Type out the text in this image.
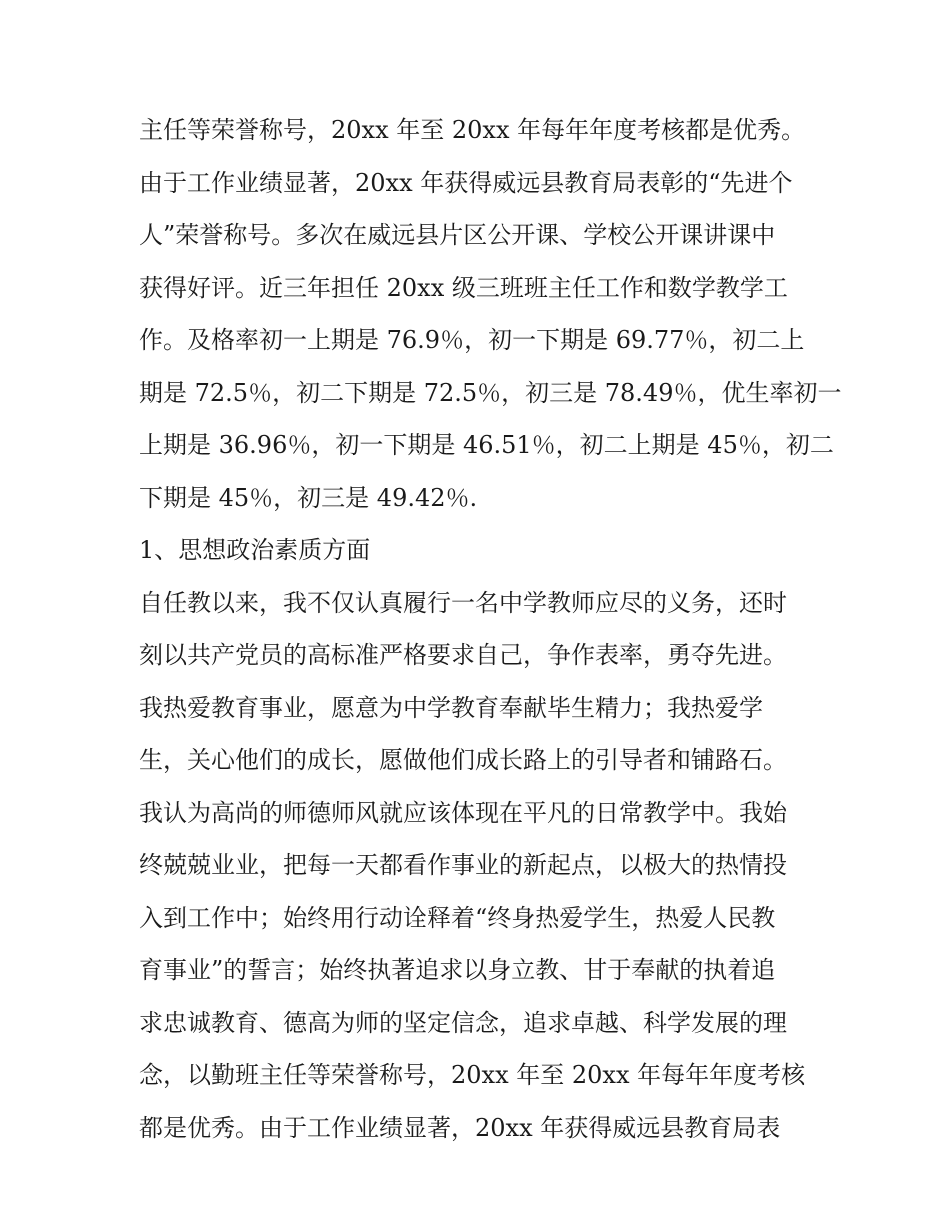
主任等荣誉称号，20xx 年至 20xx 年每年年度考核都是优秀。
由于工作业绩显著，20xx 年获得威远县教育局表彰的“先进个
人”荣誉称号。多次在威远县片区公开课、学校公开课讲课中
获得好评。近三年担任 20xx 级三班班主任工作和数学教学工
作。及格率初一上期是 76.9％，初一下期是 69.77％，初二上
期是 72.5％，初二下期是 72.5％，初三是 78.49％，优生率初一
上期是 36.96％，初一下期是 46.51％，初二上期是 45％，初二
下期是 45％，初三是 49.42％.
1、思想政治素质方面
自任教以来，我不仅认真履行一名中学教师应尽的义务，还时
刻以共产党员的高标准严格要求自己，争作表率，勇夺先进。
我热爱教育事业，愿意为中学教育奉献毕生精力；我热爱学
生，关心他们的成长，愿做他们成长路上的引导者和铺路石。
我认为高尚的师德师风就应该体现在平凡的日常教学中。我始
终兢兢业业，把每一天都看作事业的新起点，以极大的热情投
入到工作中；始终用行动诠释着“终身热爱学生，热爱人民教
育事业”的誓言；始终执著追求以身立教、甘于奉献的执着追
求忠诚教育、德高为师的坚定信念，追求卓越、科学发展的理
念，以勤班主任等荣誉称号，20xx 年至 20xx 年每年年度考核
都是优秀。由于工作业绩显著，20xx 年获得威远县教育局表
